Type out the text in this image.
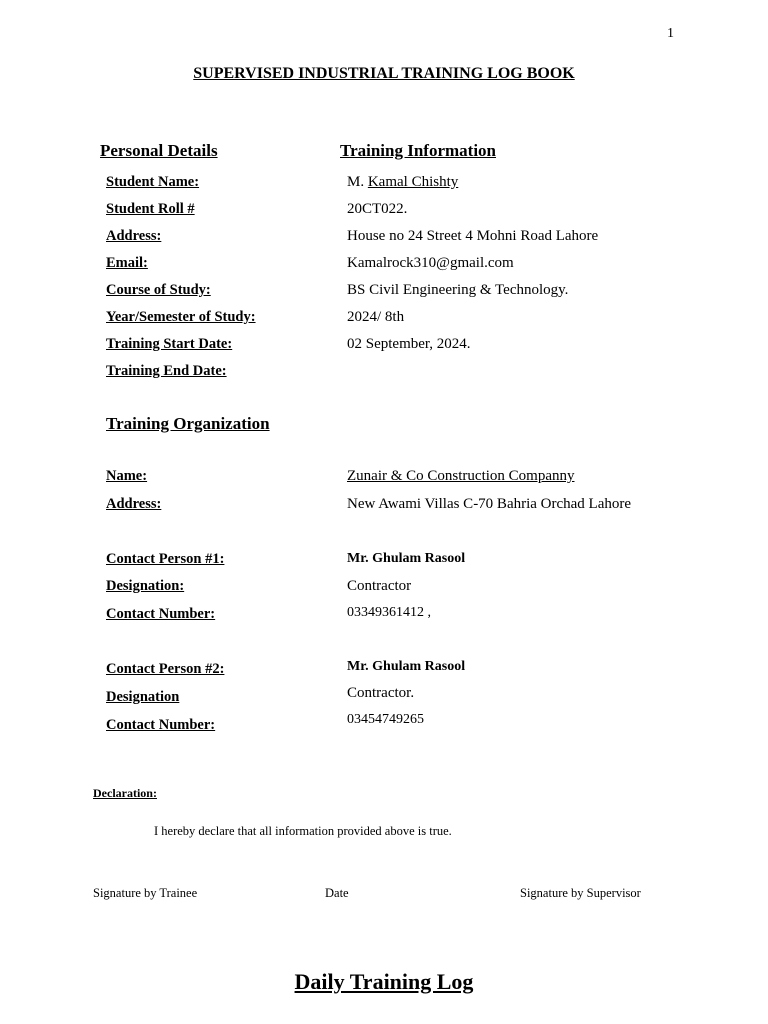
1
SUPERVISED INDUSTRIAL TRAINING LOG BOOK
Personal Details	Training Information
Student Name:	M. Kamal Chishty
Student Roll #	20CT022.
Address:	House no 24 Street 4 Mohni Road Lahore
Email:	Kamalrock310@gmail.com
Course of Study:	BS Civil Engineering & Technology.
Year/Semester of Study:	2024/ 8th
Training Start Date:	02 September, 2024.
Training End Date:
Training Organization
Name:	Zunair & Co Construction Companny
Address:	New Awami Villas C-70 Bahria Orchad Lahore
Contact Person #1:	Mr. Ghulam Rasool
Designation:	Contractor
Contact Number:	03349361412 ,
Contact Person #2:	Mr. Ghulam Rasool
Designation	Contractor.
Contact Number:	03454749265
Declaration:
I hereby declare that all information provided above is true.
Signature by Trainee	Date	Signature by Supervisor
Daily Training Log
